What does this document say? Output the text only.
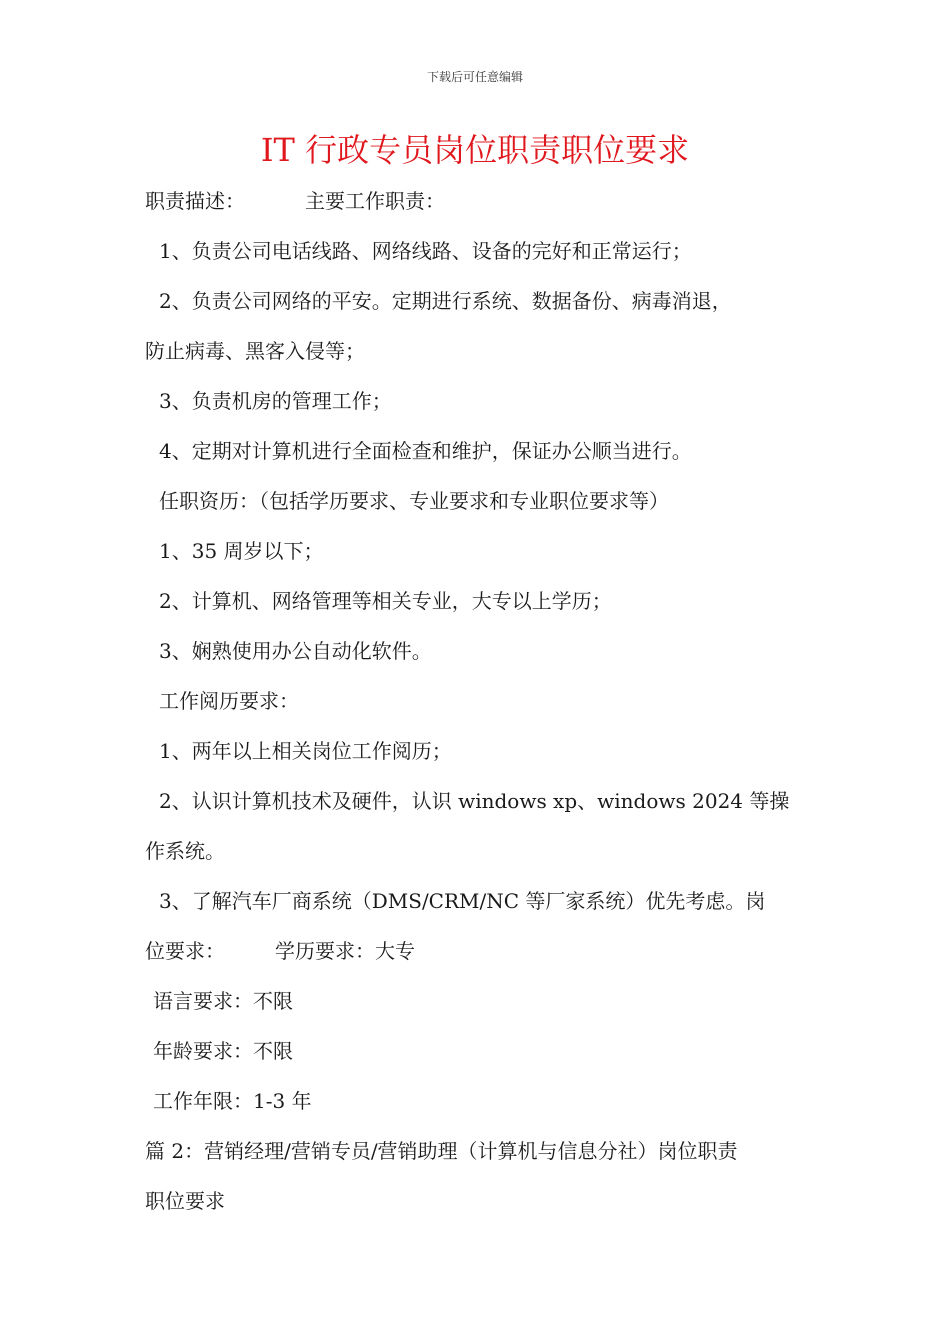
下载后可任意编辑
IT 行政专员岗位职责职位要求
职责描述：	主要工作职责：
1、负责公司电话线路、网络线路、设备的完好和正常运行；
2、负责公司网络的平安。定期进行系统、数据备份、病毒消退，
防止病毒、黑客入侵等；
3、负责机房的管理工作；
4、定期对计算机进行全面检查和维护，保证办公顺当进行。
任职资历：（包括学历要求、专业要求和专业职位要求等）
1、35 周岁以下；
2、计算机、网络管理等相关专业，大专以上学历；
3、娴熟使用办公自动化软件。
工作阅历要求：
1、两年以上相关岗位工作阅历；
2、认识计算机技术及硬件，认识 windows xp、windows 2024 等操
作系统。
3、了解汽车厂商系统（DMS/CRM/NC 等厂家系统）优先考虑。岗
位要求：	学历要求：大专
语言要求：不限
年龄要求：不限
工作年限：1-3 年
篇 2：营销经理/营销专员/营销助理（计算机与信息分社）岗位职责
职位要求
